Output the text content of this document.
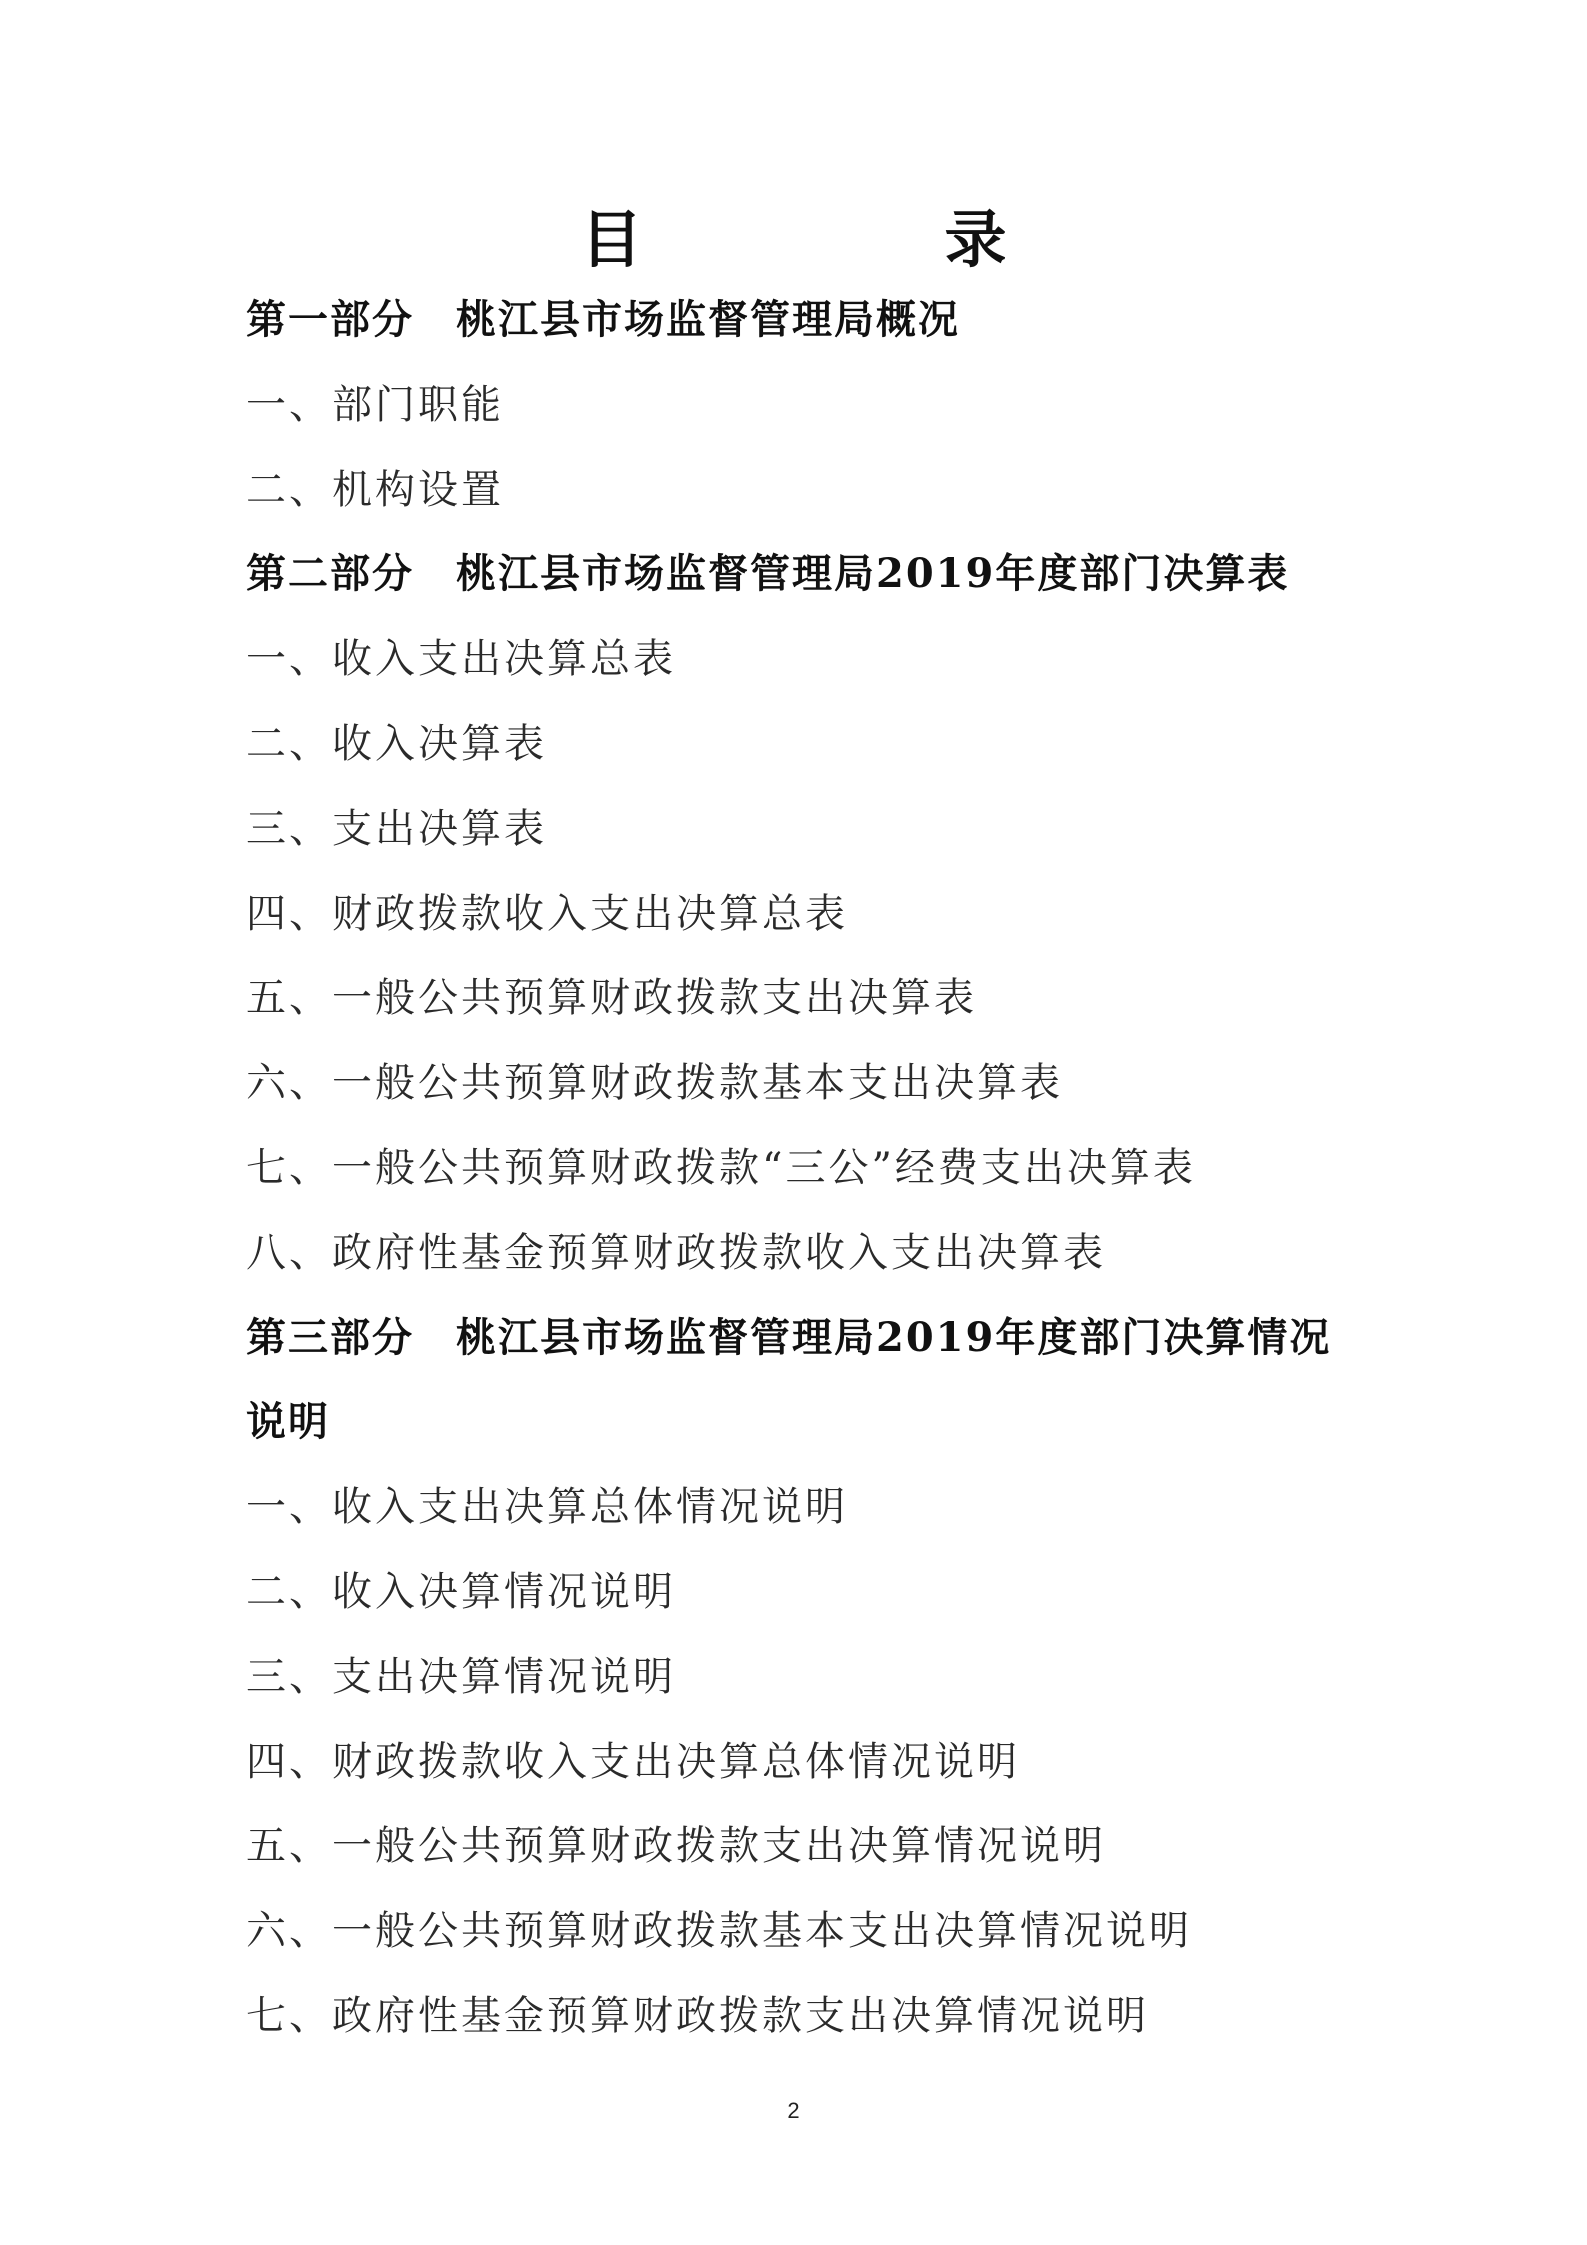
目　录
第一部分　桃江县市场监督管理局概况
一、部门职能
二、机构设置
第二部分　桃江县市场监督管理局2019年度部门决算表
一、收入支出决算总表
二、收入决算表
三、支出决算表
四、财政拨款收入支出决算总表
五、一般公共预算财政拨款支出决算表
六、一般公共预算财政拨款基本支出决算表
七、一般公共预算财政拨款“三公”经费支出决算表
八、政府性基金预算财政拨款收入支出决算表
第三部分　桃江县市场监督管理局2019年度部门决算情况
说明
一、收入支出决算总体情况说明
二、收入决算情况说明
三、支出决算情况说明
四、财政拨款收入支出决算总体情况说明
五、一般公共预算财政拨款支出决算情况说明
六、一般公共预算财政拨款基本支出决算情况说明
七、政府性基金预算财政拨款支出决算情况说明
2
